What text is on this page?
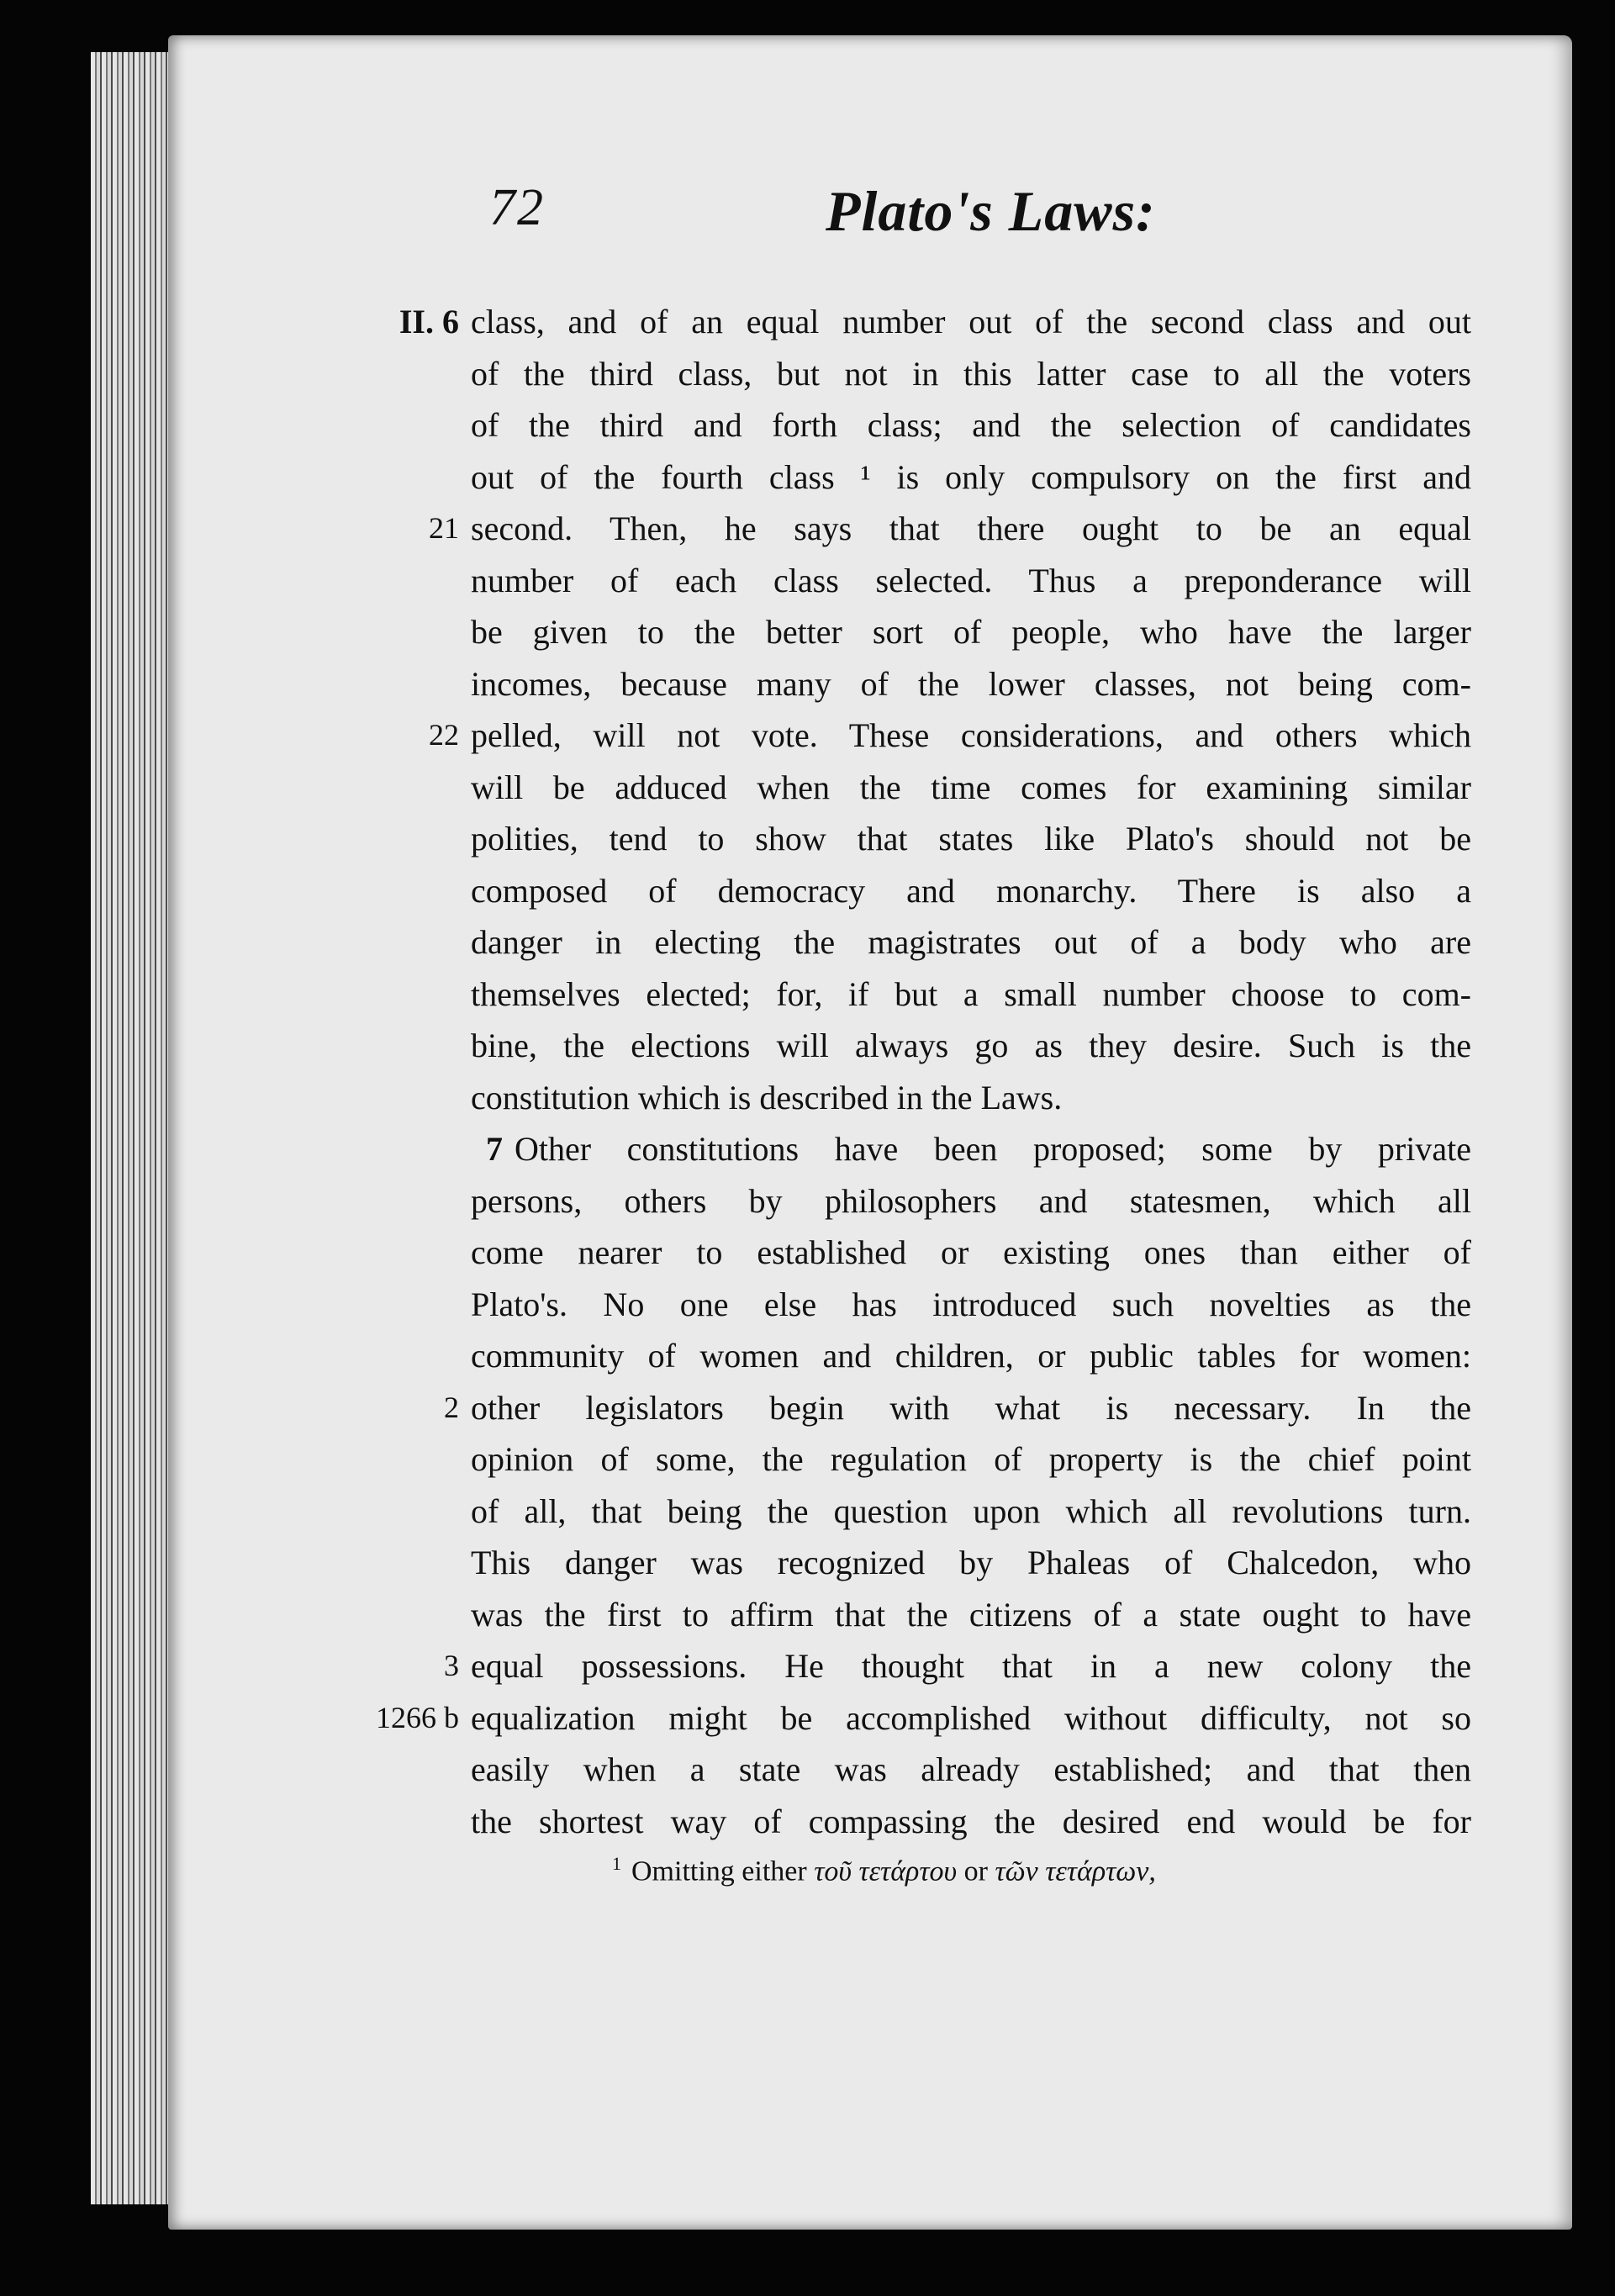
72	Plato's Laws:
II. 6 class, and of an equal number out of the second class and out
of the third class, but not in this latter case to all the voters
of the third and forth class; and the selection of candidates
out of the fourth class ¹ is only compulsory on the first and
21 second. Then, he says that there ought to be an equal
number of each class selected. Thus a preponderance will
be given to the better sort of people, who have the larger
incomes, because many of the lower classes, not being com-
22 pelled, will not vote. These considerations, and others which
will be adduced when the time comes for examining similar
polities, tend to show that states like Plato's should not be
composed of democracy and monarchy. There is also a
danger in electing the magistrates out of a body who are
themselves elected; for, if but a small number choose to com-
bine, the elections will always go as they desire. Such is the
constitution which is described in the Laws.
7 Other constitutions have been proposed; some by private
persons, others by philosophers and statesmen, which all
come nearer to established or existing ones than either of
Plato's. No one else has introduced such novelties as the
community of women and children, or public tables for women:
2 other legislators begin with what is necessary. In the
opinion of some, the regulation of property is the chief point
of all, that being the question upon which all revolutions turn.
This danger was recognized by Phaleas of Chalcedon, who
was the first to affirm that the citizens of a state ought to have
3 equal possessions. He thought that in a new colony the
1266 b equalization might be accomplished without difficulty, not so
easily when a state was already established; and that then
the shortest way of compassing the desired end would be for
$^1$ Omitting either τοῦ τετάρτου or τῶν τετάρτων,
